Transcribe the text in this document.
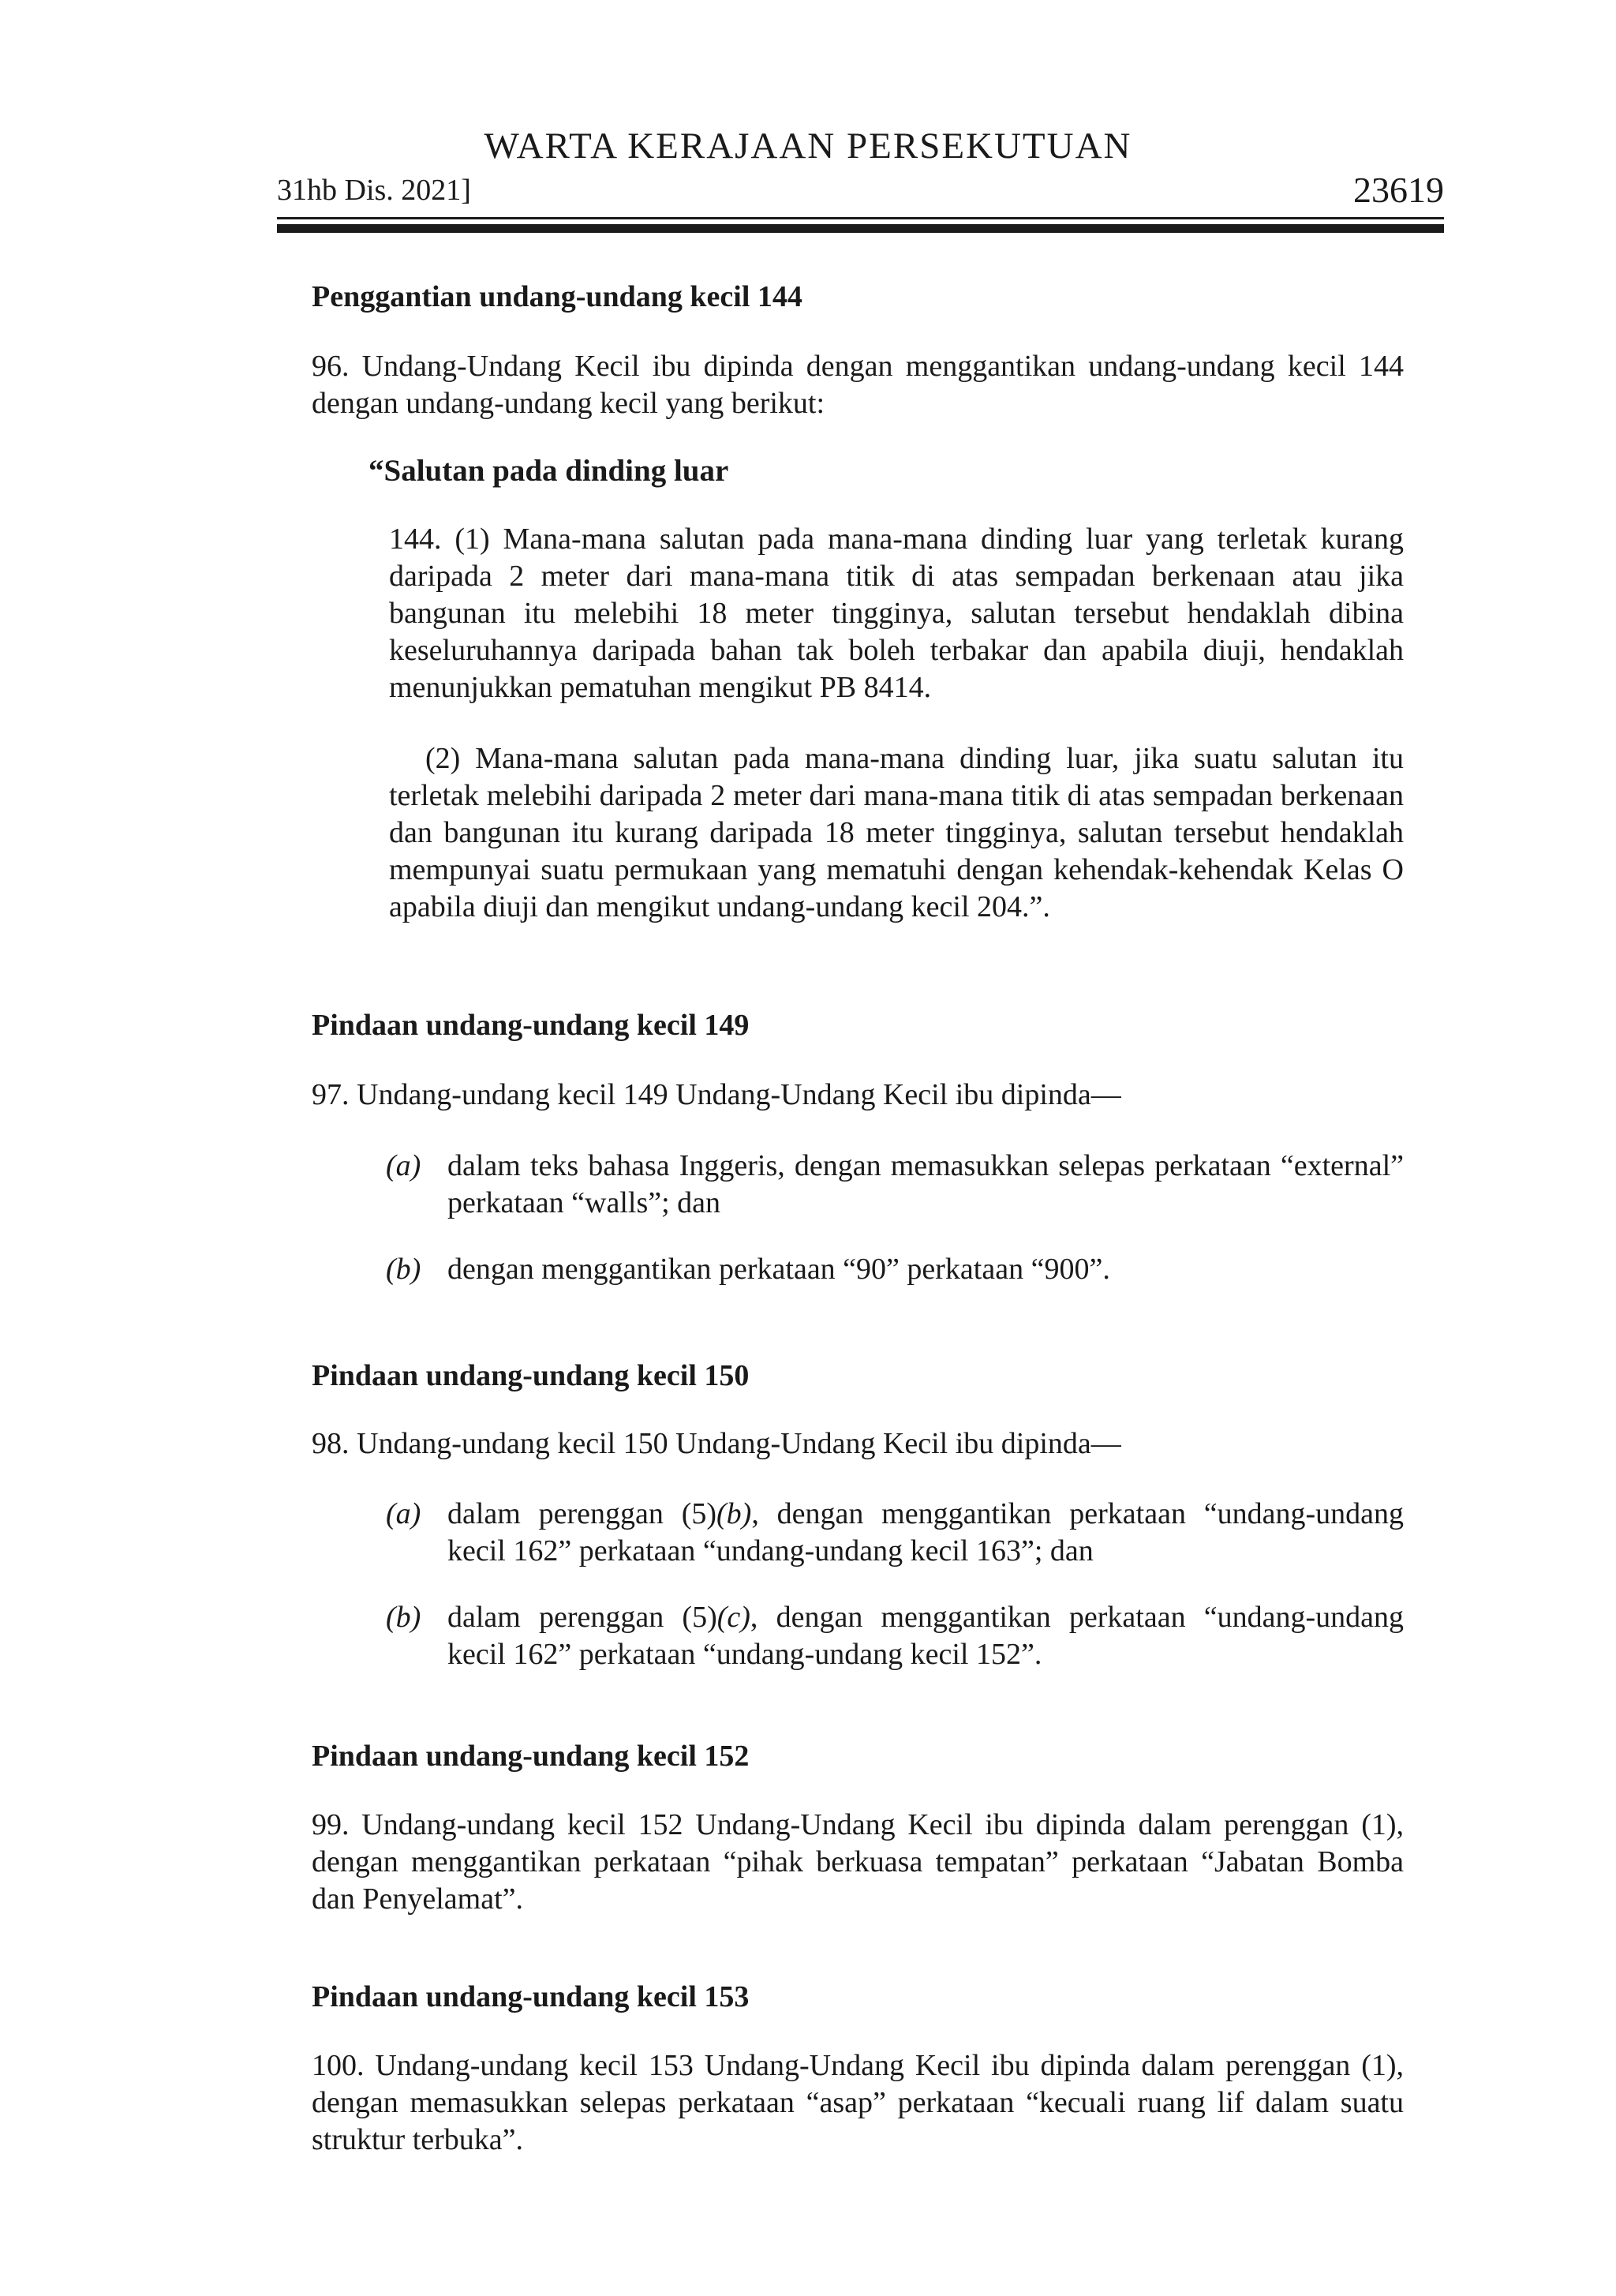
WARTA KERAJAAN PERSEKUTUAN
31hb Dis. 2021]	23619
Penggantian undang-undang kecil 144
96. Undang-Undang Kecil ibu dipinda dengan menggantikan undang-undang kecil 144 dengan undang-undang kecil yang berikut:
“Salutan pada dinding luar
144. (1) Mana-mana salutan pada mana-mana dinding luar yang terletak kurang daripada 2 meter dari mana-mana titik di atas sempadan berkenaan atau jika bangunan itu melebihi 18 meter tingginya, salutan tersebut hendaklah dibina keseluruhannya daripada bahan tak boleh terbakar dan apabila diuji, hendaklah menunjukkan pematuhan mengikut PB 8414.
(2) Mana-mana salutan pada mana-mana dinding luar, jika suatu salutan itu terletak melebihi daripada 2 meter dari mana-mana titik di atas sempadan berkenaan dan bangunan itu kurang daripada 18 meter tingginya, salutan tersebut hendaklah mempunyai suatu permukaan yang mematuhi dengan kehendak-kehendak Kelas O apabila diuji dan mengikut undang-undang kecil 204.”.
Pindaan undang-undang kecil 149
97. Undang-undang kecil 149 Undang-Undang Kecil ibu dipinda—
(a) dalam teks bahasa Inggeris, dengan memasukkan selepas perkataan “external” perkataan “walls”; dan
(b) dengan menggantikan perkataan “90” perkataan “900”.
Pindaan undang-undang kecil 150
98. Undang-undang kecil 150 Undang-Undang Kecil ibu dipinda—
(a) dalam perenggan (5)(b), dengan menggantikan perkataan “undang-undang kecil 162” perkataan “undang-undang kecil 163”; dan
(b) dalam perenggan (5)(c), dengan menggantikan perkataan “undang-undang kecil 162” perkataan “undang-undang kecil 152”.
Pindaan undang-undang kecil 152
99. Undang-undang kecil 152 Undang-Undang Kecil ibu dipinda dalam perenggan (1), dengan menggantikan perkataan “pihak berkuasa tempatan” perkataan “Jabatan Bomba dan Penyelamat”.
Pindaan undang-undang kecil 153
100. Undang-undang kecil 153 Undang-Undang Kecil ibu dipinda dalam perenggan (1), dengan memasukkan selepas perkataan “asap” perkataan “kecuali ruang lif dalam suatu struktur terbuka”.
